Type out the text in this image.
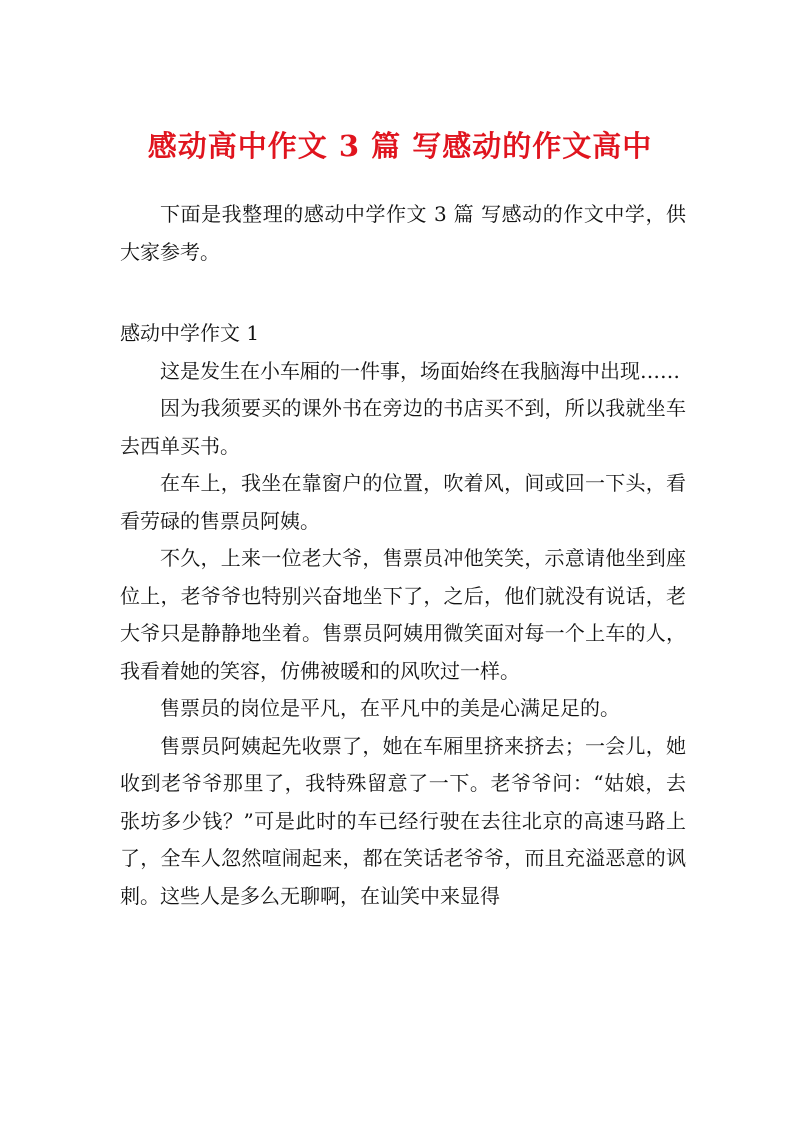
感动高中作文 3 篇 写感动的作文高中

下面是我整理的感动中学作文 3 篇 写感动的作文中学，供大家参考。

感动中学作文 1

这是发生在小车厢的一件事，场面始终在我脑海中出现……

因为我须要买的课外书在旁边的书店买不到，所以我就坐车去西单买书。

在车上，我坐在靠窗户的位置，吹着风，间或回一下头，看看劳碌的售票员阿姨。

不久，上来一位老大爷，售票员冲他笑笑，示意请他坐到座位上，老爷爷也特别兴奋地坐下了，之后，他们就没有说话，老大爷只是静静地坐着。售票员阿姨用微笑面对每一个上车的人，我看着她的笑容，仿佛被暖和的风吹过一样。

售票员的岗位是平凡，在平凡中的美是心满足足的。

售票员阿姨起先收票了，她在车厢里挤来挤去；一会儿，她收到老爷爷那里了，我特殊留意了一下。老爷爷问：“姑娘，去张坊多少钱？”可是此时的车已经行驶在去往北京的高速马路上了，全车人忽然喧闹起来，都在笑话老爷爷，而且充溢恶意的讽刺。这些人是多么无聊啊，在讪笑中来显得
